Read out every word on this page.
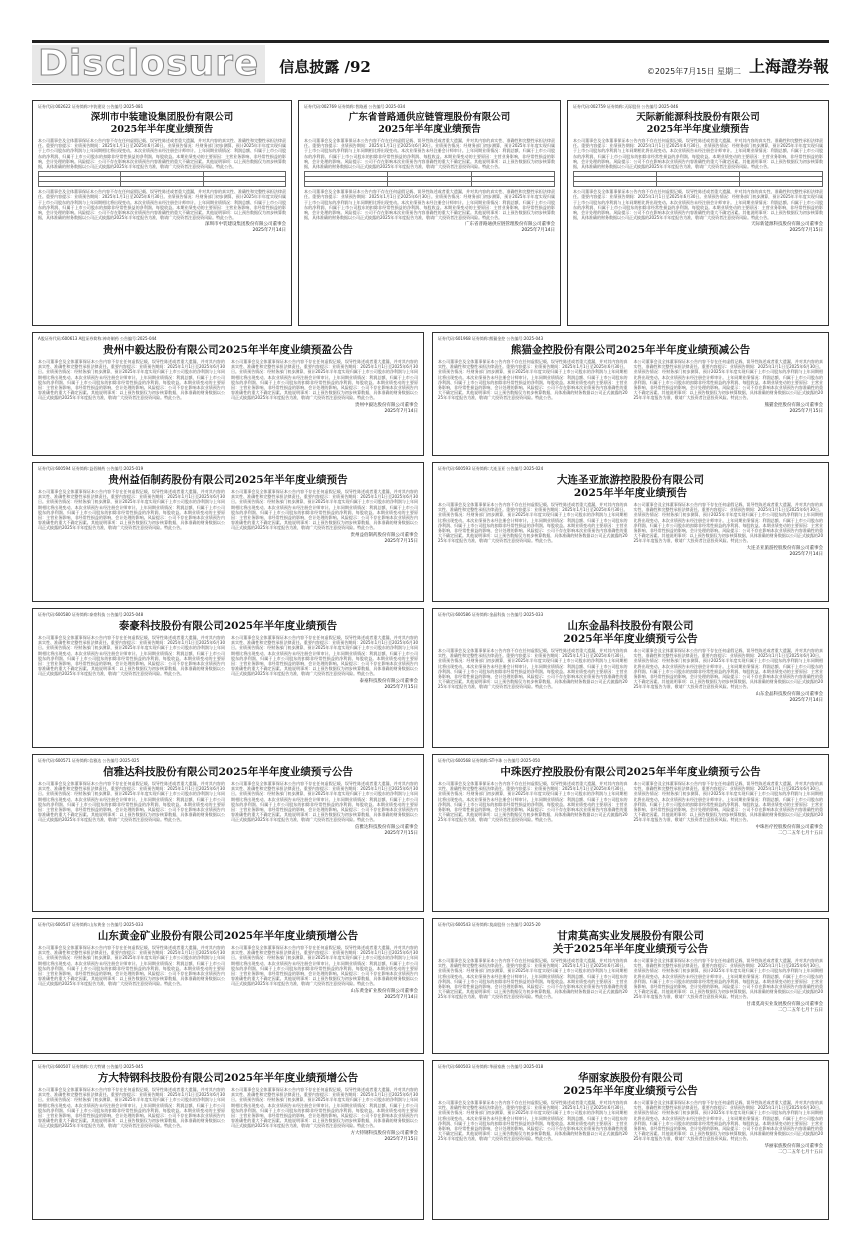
Disclosure	信息披露 /92	©2025年7月15日 星期二 上海證券報
证券代码:002622 证券简称:中装建设 公告编号:2025-081
深圳市中装建设集团股份有限公司
2025年半年度业绩预告
本公司董事会及全体董事保证本公告内容不存在任何虚假记载、误导性陈述或者重大遗漏，并对其内容的真实性、准确性和完整性承担法律责任。重要内容提示：业绩预告期间：2025年1月1日至2025年6月30日。业绩预告情况：经财务部门初步测算，预计2025年半年度实现归属于上市公司股东的净利润与上年同期相比将出现变动。本次业绩预告未经注册会计师审计。上年同期业绩情况：利润总额、归属于上市公司股东的净利润、归属于上市公司股东的扣除非经常性损益的净利润、每股收益。本期业绩变动的主要原因：主营业务影响，非经常性损益的影响，会计处理的影响。风险提示：公司不存在影响本次业绩预告内容准确性的重大不确定因素。其他说明事项：以上预告数据仅为初步核算数据，具体准确的财务数据以公司正式披露的2025年半年度报告为准，敬请广大投资者注意投资风险。特此公告。

本公司董事会及全体董事保证本公告内容不存在任何虚假记载、误导性陈述或者重大遗漏，并对其内容的真实性、准确性和完整性承担法律责任。重要内容提示：业绩预告期间：2025年1月1日至2025年6月30日。业绩预告情况：经财务部门初步测算，预计2025年半年度实现归属于上市公司股东的净利润与上年同期相比将出现变动。本次业绩预告未经注册会计师审计。上年同期业绩情况：利润总额、归属于上市公司股东的净利润、归属于上市公司股东的扣除非经常性损益的净利润、每股收益。本期业绩变动的主要原因：主营业务影响，非经常性损益的影响，会计处理的影响。风险提示：公司不存在影响本次业绩预告内容准确性的重大不确定因素。其他说明事项：以上预告数据仅为初步核算数据，具体准确的财务数据以公司正式披露的2025年半年度报告为准，敬请广大投资者注意投资风险。特此公告。
深圳市中装建设集团股份有限公司董事会
2025年7月14日
证券代码:002769 证券简称:普路通 公告编号:2025-034
广东省普路通供应链管理股份有限公司
2025年半年度业绩预告
本公司董事会及全体董事保证本公告内容不存在任何虚假记载、误导性陈述或者重大遗漏，并对其内容的真实性、准确性和完整性承担法律责任。重要内容提示：业绩预告期间：2025年1月1日至2025年6月30日。业绩预告情况：经财务部门初步测算，预计2025年半年度实现归属于上市公司股东的净利润与上年同期相比将出现变动。本次业绩预告未经注册会计师审计。上年同期业绩情况：利润总额、归属于上市公司股东的净利润、归属于上市公司股东的扣除非经常性损益的净利润、每股收益。本期业绩变动的主要原因：主营业务影响，非经常性损益的影响，会计处理的影响。风险提示：公司不存在影响本次业绩预告内容准确性的重大不确定因素。其他说明事项：以上预告数据仅为初步核算数据，具体准确的财务数据以公司正式披露的2025年半年度报告为准，敬请广大投资者注意投资风险。特此公告。

本公司董事会及全体董事保证本公告内容不存在任何虚假记载、误导性陈述或者重大遗漏，并对其内容的真实性、准确性和完整性承担法律责任。重要内容提示：业绩预告期间：2025年1月1日至2025年6月30日。业绩预告情况：经财务部门初步测算，预计2025年半年度实现归属于上市公司股东的净利润与上年同期相比将出现变动。本次业绩预告未经注册会计师审计。上年同期业绩情况：利润总额、归属于上市公司股东的净利润、归属于上市公司股东的扣除非经常性损益的净利润、每股收益。本期业绩变动的主要原因：主营业务影响，非经常性损益的影响，会计处理的影响。风险提示：公司不存在影响本次业绩预告内容准确性的重大不确定因素。其他说明事项：以上预告数据仅为初步核算数据，具体准确的财务数据以公司正式披露的2025年半年度报告为准，敬请广大投资者注意投资风险。特此公告。
广东省普路通供应链管理股份有限公司董事会
2025年7月14日
证券代码:002759 证券简称:天际股份 公告编号:2025-046
天际新能源科技股份有限公司
2025年半年度业绩预告
本公司董事会及全体董事保证本公告内容不存在任何虚假记载、误导性陈述或者重大遗漏，并对其内容的真实性、准确性和完整性承担法律责任。重要内容提示：业绩预告期间：2025年1月1日至2025年6月30日。业绩预告情况：经财务部门初步测算，预计2025年半年度实现归属于上市公司股东的净利润与上年同期相比将出现变动。本次业绩预告未经注册会计师审计。上年同期业绩情况：利润总额、归属于上市公司股东的净利润、归属于上市公司股东的扣除非经常性损益的净利润、每股收益。本期业绩变动的主要原因：主营业务影响，非经常性损益的影响，会计处理的影响。风险提示：公司不存在影响本次业绩预告内容准确性的重大不确定因素。其他说明事项：以上预告数据仅为初步核算数据，具体准确的财务数据以公司正式披露的2025年半年度报告为准，敬请广大投资者注意投资风险。特此公告。

本公司董事会及全体董事保证本公告内容不存在任何虚假记载、误导性陈述或者重大遗漏，并对其内容的真实性、准确性和完整性承担法律责任。重要内容提示：业绩预告期间：2025年1月1日至2025年6月30日。业绩预告情况：经财务部门初步测算，预计2025年半年度实现归属于上市公司股东的净利润与上年同期相比将出现变动。本次业绩预告未经注册会计师审计。上年同期业绩情况：利润总额、归属于上市公司股东的净利润、归属于上市公司股东的扣除非经常性损益的净利润、每股收益。本期业绩变动的主要原因：主营业务影响，非经常性损益的影响，会计处理的影响。风险提示：公司不存在影响本次业绩预告内容准确性的重大不确定因素。其他说明事项：以上预告数据仅为初步核算数据，具体准确的财务数据以公司正式披露的2025年半年度报告为准，敬请广大投资者注意投资风险。特此公告。
天际新能源科技股份有限公司董事会
2025年7月15日
A股证券代码:600613 A股证券简称:神奇制药 公告编号:2025-044
贵州中毅达股份有限公司2025年半年度业绩预盈公告
本公司董事会及全体董事保证本公告内容不存在任何虚假记载、误导性陈述或者重大遗漏，并对其内容的真实性、准确性和完整性承担法律责任。重要内容提示：业绩预告期间：2025年1月1日至2025年6月30日。业绩预告情况：经财务部门初步测算，预计2025年半年度实现归属于上市公司股东的净利润与上年同期相比将出现变动。本次业绩预告未经注册会计师审计。上年同期业绩情况：利润总额、归属于上市公司股东的净利润、归属于上市公司股东的扣除非经常性损益的净利润、每股收益。本期业绩变动的主要原因：主营业务影响，非经常性损益的影响，会计处理的影响。风险提示：公司不存在影响本次业绩预告内容准确性的重大不确定因素。其他说明事项：以上预告数据仅为初步核算数据，具体准确的财务数据以公司正式披露的2025年半年度报告为准，敬请广大投资者注意投资风险。特此公告。
本公司董事会及全体董事保证本公告内容不存在任何虚假记载、误导性陈述或者重大遗漏，并对其内容的真实性、准确性和完整性承担法律责任。重要内容提示：业绩预告期间：2025年1月1日至2025年6月30日。业绩预告情况：经财务部门初步测算，预计2025年半年度实现归属于上市公司股东的净利润与上年同期相比将出现变动。本次业绩预告未经注册会计师审计。上年同期业绩情况：利润总额、归属于上市公司股东的净利润、归属于上市公司股东的扣除非经常性损益的净利润、每股收益。本期业绩变动的主要原因：主营业务影响，非经常性损益的影响，会计处理的影响。风险提示：公司不存在影响本次业绩预告内容准确性的重大不确定因素。其他说明事项：以上预告数据仅为初步核算数据，具体准确的财务数据以公司正式披露的2025年半年度报告为准，敬请广大投资者注意投资风险。特此公告。
贵州中毅达股份有限公司董事会
2025年7月14日
证券代码:601968 证券简称:熊猫金控 公告编号:2025-043
熊猫金控股份有限公司2025年半年度业绩预减公告
本公司董事会及全体董事保证本公告内容不存在任何虚假记载、误导性陈述或者重大遗漏，并对其内容的真实性、准确性和完整性承担法律责任。重要内容提示：业绩预告期间：2025年1月1日至2025年6月30日。业绩预告情况：经财务部门初步测算，预计2025年半年度实现归属于上市公司股东的净利润与上年同期相比将出现变动。本次业绩预告未经注册会计师审计。上年同期业绩情况：利润总额、归属于上市公司股东的净利润、归属于上市公司股东的扣除非经常性损益的净利润、每股收益。本期业绩变动的主要原因：主营业务影响，非经常性损益的影响，会计处理的影响。风险提示：公司不存在影响本次业绩预告内容准确性的重大不确定因素。其他说明事项：以上预告数据仅为初步核算数据，具体准确的财务数据以公司正式披露的2025年半年度报告为准，敬请广大投资者注意投资风险。特此公告。
本公司董事会及全体董事保证本公告内容不存在任何虚假记载、误导性陈述或者重大遗漏，并对其内容的真实性、准确性和完整性承担法律责任。重要内容提示：业绩预告期间：2025年1月1日至2025年6月30日。业绩预告情况：经财务部门初步测算，预计2025年半年度实现归属于上市公司股东的净利润与上年同期相比将出现变动。本次业绩预告未经注册会计师审计。上年同期业绩情况：利润总额、归属于上市公司股东的净利润、归属于上市公司股东的扣除非经常性损益的净利润、每股收益。本期业绩变动的主要原因：主营业务影响，非经常性损益的影响，会计处理的影响。风险提示：公司不存在影响本次业绩预告内容准确性的重大不确定因素。其他说明事项：以上预告数据仅为初步核算数据，具体准确的财务数据以公司正式披露的2025年半年度报告为准，敬请广大投资者注意投资风险。特此公告。
熊猫金控股份有限公司董事会
2025年7月15日
证券代码:600594 证券简称:益佰制药 公告编号:2025-019
贵州益佰制药股份有限公司2025年半年度业绩预告
本公司董事会及全体董事保证本公告内容不存在任何虚假记载、误导性陈述或者重大遗漏，并对其内容的真实性、准确性和完整性承担法律责任。重要内容提示：业绩预告期间：2025年1月1日至2025年6月30日。业绩预告情况：经财务部门初步测算，预计2025年半年度实现归属于上市公司股东的净利润与上年同期相比将出现变动。本次业绩预告未经注册会计师审计。上年同期业绩情况：利润总额、归属于上市公司股东的净利润、归属于上市公司股东的扣除非经常性损益的净利润、每股收益。本期业绩变动的主要原因：主营业务影响，非经常性损益的影响，会计处理的影响。风险提示：公司不存在影响本次业绩预告内容准确性的重大不确定因素。其他说明事项：以上预告数据仅为初步核算数据，具体准确的财务数据以公司正式披露的2025年半年度报告为准，敬请广大投资者注意投资风险。特此公告。
本公司董事会及全体董事保证本公告内容不存在任何虚假记载、误导性陈述或者重大遗漏，并对其内容的真实性、准确性和完整性承担法律责任。重要内容提示：业绩预告期间：2025年1月1日至2025年6月30日。业绩预告情况：经财务部门初步测算，预计2025年半年度实现归属于上市公司股东的净利润与上年同期相比将出现变动。本次业绩预告未经注册会计师审计。上年同期业绩情况：利润总额、归属于上市公司股东的净利润、归属于上市公司股东的扣除非经常性损益的净利润、每股收益。本期业绩变动的主要原因：主营业务影响，非经常性损益的影响，会计处理的影响。风险提示：公司不存在影响本次业绩预告内容准确性的重大不确定因素。其他说明事项：以上预告数据仅为初步核算数据，具体准确的财务数据以公司正式披露的2025年半年度报告为准，敬请广大投资者注意投资风险。特此公告。
贵州益佰制药股份有限公司董事会
2025年7月15日
证券代码:600593 证券简称:大连圣亚 公告编号:2025-024
大连圣亚旅游控股股份有限公司
2025年半年度业绩预告
本公司董事会及全体董事保证本公告内容不存在任何虚假记载、误导性陈述或者重大遗漏，并对其内容的真实性、准确性和完整性承担法律责任。重要内容提示：业绩预告期间：2025年1月1日至2025年6月30日。业绩预告情况：经财务部门初步测算，预计2025年半年度实现归属于上市公司股东的净利润与上年同期相比将出现变动。本次业绩预告未经注册会计师审计。上年同期业绩情况：利润总额、归属于上市公司股东的净利润、归属于上市公司股东的扣除非经常性损益的净利润、每股收益。本期业绩变动的主要原因：主营业务影响，非经常性损益的影响，会计处理的影响。风险提示：公司不存在影响本次业绩预告内容准确性的重大不确定因素。其他说明事项：以上预告数据仅为初步核算数据，具体准确的财务数据以公司正式披露的2025年半年度报告为准，敬请广大投资者注意投资风险。特此公告。
本公司董事会及全体董事保证本公告内容不存在任何虚假记载、误导性陈述或者重大遗漏，并对其内容的真实性、准确性和完整性承担法律责任。重要内容提示：业绩预告期间：2025年1月1日至2025年6月30日。业绩预告情况：经财务部门初步测算，预计2025年半年度实现归属于上市公司股东的净利润与上年同期相比将出现变动。本次业绩预告未经注册会计师审计。上年同期业绩情况：利润总额、归属于上市公司股东的净利润、归属于上市公司股东的扣除非经常性损益的净利润、每股收益。本期业绩变动的主要原因：主营业务影响，非经常性损益的影响，会计处理的影响。风险提示：公司不存在影响本次业绩预告内容准确性的重大不确定因素。其他说明事项：以上预告数据仅为初步核算数据，具体准确的财务数据以公司正式披露的2025年半年度报告为准，敬请广大投资者注意投资风险。特此公告。
大连圣亚旅游控股股份有限公司董事会
2025年7月14日
证券代码:600580 证券简称:泰豪科技 公告编号:2025-048
泰豪科技股份有限公司2025年半年度业绩预告
本公司董事会及全体董事保证本公告内容不存在任何虚假记载、误导性陈述或者重大遗漏，并对其内容的真实性、准确性和完整性承担法律责任。重要内容提示：业绩预告期间：2025年1月1日至2025年6月30日。业绩预告情况：经财务部门初步测算，预计2025年半年度实现归属于上市公司股东的净利润与上年同期相比将出现变动。本次业绩预告未经注册会计师审计。上年同期业绩情况：利润总额、归属于上市公司股东的净利润、归属于上市公司股东的扣除非经常性损益的净利润、每股收益。本期业绩变动的主要原因：主营业务影响，非经常性损益的影响，会计处理的影响。风险提示：公司不存在影响本次业绩预告内容准确性的重大不确定因素。其他说明事项：以上预告数据仅为初步核算数据，具体准确的财务数据以公司正式披露的2025年半年度报告为准，敬请广大投资者注意投资风险。特此公告。
本公司董事会及全体董事保证本公告内容不存在任何虚假记载、误导性陈述或者重大遗漏，并对其内容的真实性、准确性和完整性承担法律责任。重要内容提示：业绩预告期间：2025年1月1日至2025年6月30日。业绩预告情况：经财务部门初步测算，预计2025年半年度实现归属于上市公司股东的净利润与上年同期相比将出现变动。本次业绩预告未经注册会计师审计。上年同期业绩情况：利润总额、归属于上市公司股东的净利润、归属于上市公司股东的扣除非经常性损益的净利润、每股收益。本期业绩变动的主要原因：主营业务影响，非经常性损益的影响，会计处理的影响。风险提示：公司不存在影响本次业绩预告内容准确性的重大不确定因素。其他说明事项：以上预告数据仅为初步核算数据，具体准确的财务数据以公司正式披露的2025年半年度报告为准，敬请广大投资者注意投资风险。特此公告。
泰豪科技股份有限公司董事会
2025年7月15日
证券代码:600586 证券简称:金晶科技 公告编号:2025-033
山东金晶科技股份有限公司
2025年半年度业绩预亏公告
本公司董事会及全体董事保证本公告内容不存在任何虚假记载、误导性陈述或者重大遗漏，并对其内容的真实性、准确性和完整性承担法律责任。重要内容提示：业绩预告期间：2025年1月1日至2025年6月30日。业绩预告情况：经财务部门初步测算，预计2025年半年度实现归属于上市公司股东的净利润与上年同期相比将出现变动。本次业绩预告未经注册会计师审计。上年同期业绩情况：利润总额、归属于上市公司股东的净利润、归属于上市公司股东的扣除非经常性损益的净利润、每股收益。本期业绩变动的主要原因：主营业务影响，非经常性损益的影响，会计处理的影响。风险提示：公司不存在影响本次业绩预告内容准确性的重大不确定因素。其他说明事项：以上预告数据仅为初步核算数据，具体准确的财务数据以公司正式披露的2025年半年度报告为准，敬请广大投资者注意投资风险。特此公告。
本公司董事会及全体董事保证本公告内容不存在任何虚假记载、误导性陈述或者重大遗漏，并对其内容的真实性、准确性和完整性承担法律责任。重要内容提示：业绩预告期间：2025年1月1日至2025年6月30日。业绩预告情况：经财务部门初步测算，预计2025年半年度实现归属于上市公司股东的净利润与上年同期相比将出现变动。本次业绩预告未经注册会计师审计。上年同期业绩情况：利润总额、归属于上市公司股东的净利润、归属于上市公司股东的扣除非经常性损益的净利润、每股收益。本期业绩变动的主要原因：主营业务影响，非经常性损益的影响，会计处理的影响。风险提示：公司不存在影响本次业绩预告内容准确性的重大不确定因素。其他说明事项：以上预告数据仅为初步核算数据，具体准确的财务数据以公司正式披露的2025年半年度报告为准，敬请广大投资者注意投资风险。特此公告。
山东金晶科技股份有限公司董事会
2025年7月14日
证券代码:600571 证券简称:信雅达 公告编号:2025-025
信雅达科技股份有限公司2025年半年度业绩预亏公告
本公司董事会及全体董事保证本公告内容不存在任何虚假记载、误导性陈述或者重大遗漏，并对其内容的真实性、准确性和完整性承担法律责任。重要内容提示：业绩预告期间：2025年1月1日至2025年6月30日。业绩预告情况：经财务部门初步测算，预计2025年半年度实现归属于上市公司股东的净利润与上年同期相比将出现变动。本次业绩预告未经注册会计师审计。上年同期业绩情况：利润总额、归属于上市公司股东的净利润、归属于上市公司股东的扣除非经常性损益的净利润、每股收益。本期业绩变动的主要原因：主营业务影响，非经常性损益的影响，会计处理的影响。风险提示：公司不存在影响本次业绩预告内容准确性的重大不确定因素。其他说明事项：以上预告数据仅为初步核算数据，具体准确的财务数据以公司正式披露的2025年半年度报告为准，敬请广大投资者注意投资风险。特此公告。
本公司董事会及全体董事保证本公告内容不存在任何虚假记载、误导性陈述或者重大遗漏，并对其内容的真实性、准确性和完整性承担法律责任。重要内容提示：业绩预告期间：2025年1月1日至2025年6月30日。业绩预告情况：经财务部门初步测算，预计2025年半年度实现归属于上市公司股东的净利润与上年同期相比将出现变动。本次业绩预告未经注册会计师审计。上年同期业绩情况：利润总额、归属于上市公司股东的净利润、归属于上市公司股东的扣除非经常性损益的净利润、每股收益。本期业绩变动的主要原因：主营业务影响，非经常性损益的影响，会计处理的影响。风险提示：公司不存在影响本次业绩预告内容准确性的重大不确定因素。其他说明事项：以上预告数据仅为初步核算数据，具体准确的财务数据以公司正式披露的2025年半年度报告为准，敬请广大投资者注意投资风险。特此公告。
信雅达科技股份有限公司董事会
2025年7月15日
证券代码:600568 证券简称:ST中珠 公告编号:2025-050
中珠医疗控股股份有限公司2025年半年度业绩预亏公告
本公司董事会及全体董事保证本公告内容不存在任何虚假记载、误导性陈述或者重大遗漏，并对其内容的真实性、准确性和完整性承担法律责任。重要内容提示：业绩预告期间：2025年1月1日至2025年6月30日。业绩预告情况：经财务部门初步测算，预计2025年半年度实现归属于上市公司股东的净利润与上年同期相比将出现变动。本次业绩预告未经注册会计师审计。上年同期业绩情况：利润总额、归属于上市公司股东的净利润、归属于上市公司股东的扣除非经常性损益的净利润、每股收益。本期业绩变动的主要原因：主营业务影响，非经常性损益的影响，会计处理的影响。风险提示：公司不存在影响本次业绩预告内容准确性的重大不确定因素。其他说明事项：以上预告数据仅为初步核算数据，具体准确的财务数据以公司正式披露的2025年半年度报告为准，敬请广大投资者注意投资风险。特此公告。
本公司董事会及全体董事保证本公告内容不存在任何虚假记载、误导性陈述或者重大遗漏，并对其内容的真实性、准确性和完整性承担法律责任。重要内容提示：业绩预告期间：2025年1月1日至2025年6月30日。业绩预告情况：经财务部门初步测算，预计2025年半年度实现归属于上市公司股东的净利润与上年同期相比将出现变动。本次业绩预告未经注册会计师审计。上年同期业绩情况：利润总额、归属于上市公司股东的净利润、归属于上市公司股东的扣除非经常性损益的净利润、每股收益。本期业绩变动的主要原因：主营业务影响，非经常性损益的影响，会计处理的影响。风险提示：公司不存在影响本次业绩预告内容准确性的重大不确定因素。其他说明事项：以上预告数据仅为初步核算数据，具体准确的财务数据以公司正式披露的2025年半年度报告为准，敬请广大投资者注意投资风险。特此公告。
中珠医疗控股股份有限公司董事会
二〇二五年七月十五日
证券代码:600547 证券简称:山东黄金 公告编号:2025-033
山东黄金矿业股份有限公司2025年半年度业绩预增公告
本公司董事会及全体董事保证本公告内容不存在任何虚假记载、误导性陈述或者重大遗漏，并对其内容的真实性、准确性和完整性承担法律责任。重要内容提示：业绩预告期间：2025年1月1日至2025年6月30日。业绩预告情况：经财务部门初步测算，预计2025年半年度实现归属于上市公司股东的净利润与上年同期相比将出现变动。本次业绩预告未经注册会计师审计。上年同期业绩情况：利润总额、归属于上市公司股东的净利润、归属于上市公司股东的扣除非经常性损益的净利润、每股收益。本期业绩变动的主要原因：主营业务影响，非经常性损益的影响，会计处理的影响。风险提示：公司不存在影响本次业绩预告内容准确性的重大不确定因素。其他说明事项：以上预告数据仅为初步核算数据，具体准确的财务数据以公司正式披露的2025年半年度报告为准，敬请广大投资者注意投资风险。特此公告。
本公司董事会及全体董事保证本公告内容不存在任何虚假记载、误导性陈述或者重大遗漏，并对其内容的真实性、准确性和完整性承担法律责任。重要内容提示：业绩预告期间：2025年1月1日至2025年6月30日。业绩预告情况：经财务部门初步测算，预计2025年半年度实现归属于上市公司股东的净利润与上年同期相比将出现变动。本次业绩预告未经注册会计师审计。上年同期业绩情况：利润总额、归属于上市公司股东的净利润、归属于上市公司股东的扣除非经常性损益的净利润、每股收益。本期业绩变动的主要原因：主营业务影响，非经常性损益的影响，会计处理的影响。风险提示：公司不存在影响本次业绩预告内容准确性的重大不确定因素。其他说明事项：以上预告数据仅为初步核算数据，具体准确的财务数据以公司正式披露的2025年半年度报告为准，敬请广大投资者注意投资风险。特此公告。
山东黄金矿业股份有限公司董事会
2025年7月14日
证券代码:600543 证券简称:莫高股份 公告编号:2025-20
甘肃莫高实业发展股份有限公司
关于2025年半年度业绩预亏公告
本公司董事会及全体董事保证本公告内容不存在任何虚假记载、误导性陈述或者重大遗漏，并对其内容的真实性、准确性和完整性承担法律责任。重要内容提示：业绩预告期间：2025年1月1日至2025年6月30日。业绩预告情况：经财务部门初步测算，预计2025年半年度实现归属于上市公司股东的净利润与上年同期相比将出现变动。本次业绩预告未经注册会计师审计。上年同期业绩情况：利润总额、归属于上市公司股东的净利润、归属于上市公司股东的扣除非经常性损益的净利润、每股收益。本期业绩变动的主要原因：主营业务影响，非经常性损益的影响，会计处理的影响。风险提示：公司不存在影响本次业绩预告内容准确性的重大不确定因素。其他说明事项：以上预告数据仅为初步核算数据，具体准确的财务数据以公司正式披露的2025年半年度报告为准，敬请广大投资者注意投资风险。特此公告。
本公司董事会及全体董事保证本公告内容不存在任何虚假记载、误导性陈述或者重大遗漏，并对其内容的真实性、准确性和完整性承担法律责任。重要内容提示：业绩预告期间：2025年1月1日至2025年6月30日。业绩预告情况：经财务部门初步测算，预计2025年半年度实现归属于上市公司股东的净利润与上年同期相比将出现变动。本次业绩预告未经注册会计师审计。上年同期业绩情况：利润总额、归属于上市公司股东的净利润、归属于上市公司股东的扣除非经常性损益的净利润、每股收益。本期业绩变动的主要原因：主营业务影响，非经常性损益的影响，会计处理的影响。风险提示：公司不存在影响本次业绩预告内容准确性的重大不确定因素。其他说明事项：以上预告数据仅为初步核算数据，具体准确的财务数据以公司正式披露的2025年半年度报告为准，敬请广大投资者注意投资风险。特此公告。
甘肃莫高实业发展股份有限公司董事会
二〇二五年七月十五日
证券代码:600507 证券简称:方大特钢 公告编号:2025-045
方大特钢科技股份有限公司2025年半年度业绩预增公告
本公司董事会及全体董事保证本公告内容不存在任何虚假记载、误导性陈述或者重大遗漏，并对其内容的真实性、准确性和完整性承担法律责任。重要内容提示：业绩预告期间：2025年1月1日至2025年6月30日。业绩预告情况：经财务部门初步测算，预计2025年半年度实现归属于上市公司股东的净利润与上年同期相比将出现变动。本次业绩预告未经注册会计师审计。上年同期业绩情况：利润总额、归属于上市公司股东的净利润、归属于上市公司股东的扣除非经常性损益的净利润、每股收益。本期业绩变动的主要原因：主营业务影响，非经常性损益的影响，会计处理的影响。风险提示：公司不存在影响本次业绩预告内容准确性的重大不确定因素。其他说明事项：以上预告数据仅为初步核算数据，具体准确的财务数据以公司正式披露的2025年半年度报告为准，敬请广大投资者注意投资风险。特此公告。
本公司董事会及全体董事保证本公告内容不存在任何虚假记载、误导性陈述或者重大遗漏，并对其内容的真实性、准确性和完整性承担法律责任。重要内容提示：业绩预告期间：2025年1月1日至2025年6月30日。业绩预告情况：经财务部门初步测算，预计2025年半年度实现归属于上市公司股东的净利润与上年同期相比将出现变动。本次业绩预告未经注册会计师审计。上年同期业绩情况：利润总额、归属于上市公司股东的净利润、归属于上市公司股东的扣除非经常性损益的净利润、每股收益。本期业绩变动的主要原因：主营业务影响，非经常性损益的影响，会计处理的影响。风险提示：公司不存在影响本次业绩预告内容准确性的重大不确定因素。其他说明事项：以上预告数据仅为初步核算数据，具体准确的财务数据以公司正式披露的2025年半年度报告为准，敬请广大投资者注意投资风险。特此公告。
方大特钢科技股份有限公司董事会
2025年7月15日
证券代码:600503 证券简称:华丽家族 公告编号:2025-018
华丽家族股份有限公司
2025年半年度业绩预亏公告
本公司董事会及全体董事保证本公告内容不存在任何虚假记载、误导性陈述或者重大遗漏，并对其内容的真实性、准确性和完整性承担法律责任。重要内容提示：业绩预告期间：2025年1月1日至2025年6月30日。业绩预告情况：经财务部门初步测算，预计2025年半年度实现归属于上市公司股东的净利润与上年同期相比将出现变动。本次业绩预告未经注册会计师审计。上年同期业绩情况：利润总额、归属于上市公司股东的净利润、归属于上市公司股东的扣除非经常性损益的净利润、每股收益。本期业绩变动的主要原因：主营业务影响，非经常性损益的影响，会计处理的影响。风险提示：公司不存在影响本次业绩预告内容准确性的重大不确定因素。其他说明事项：以上预告数据仅为初步核算数据，具体准确的财务数据以公司正式披露的2025年半年度报告为准，敬请广大投资者注意投资风险。特此公告。
本公司董事会及全体董事保证本公告内容不存在任何虚假记载、误导性陈述或者重大遗漏，并对其内容的真实性、准确性和完整性承担法律责任。重要内容提示：业绩预告期间：2025年1月1日至2025年6月30日。业绩预告情况：经财务部门初步测算，预计2025年半年度实现归属于上市公司股东的净利润与上年同期相比将出现变动。本次业绩预告未经注册会计师审计。上年同期业绩情况：利润总额、归属于上市公司股东的净利润、归属于上市公司股东的扣除非经常性损益的净利润、每股收益。本期业绩变动的主要原因：主营业务影响，非经常性损益的影响，会计处理的影响。风险提示：公司不存在影响本次业绩预告内容准确性的重大不确定因素。其他说明事项：以上预告数据仅为初步核算数据，具体准确的财务数据以公司正式披露的2025年半年度报告为准，敬请广大投资者注意投资风险。特此公告。
华丽家族股份有限公司董事会
二〇二五年七月十五日
